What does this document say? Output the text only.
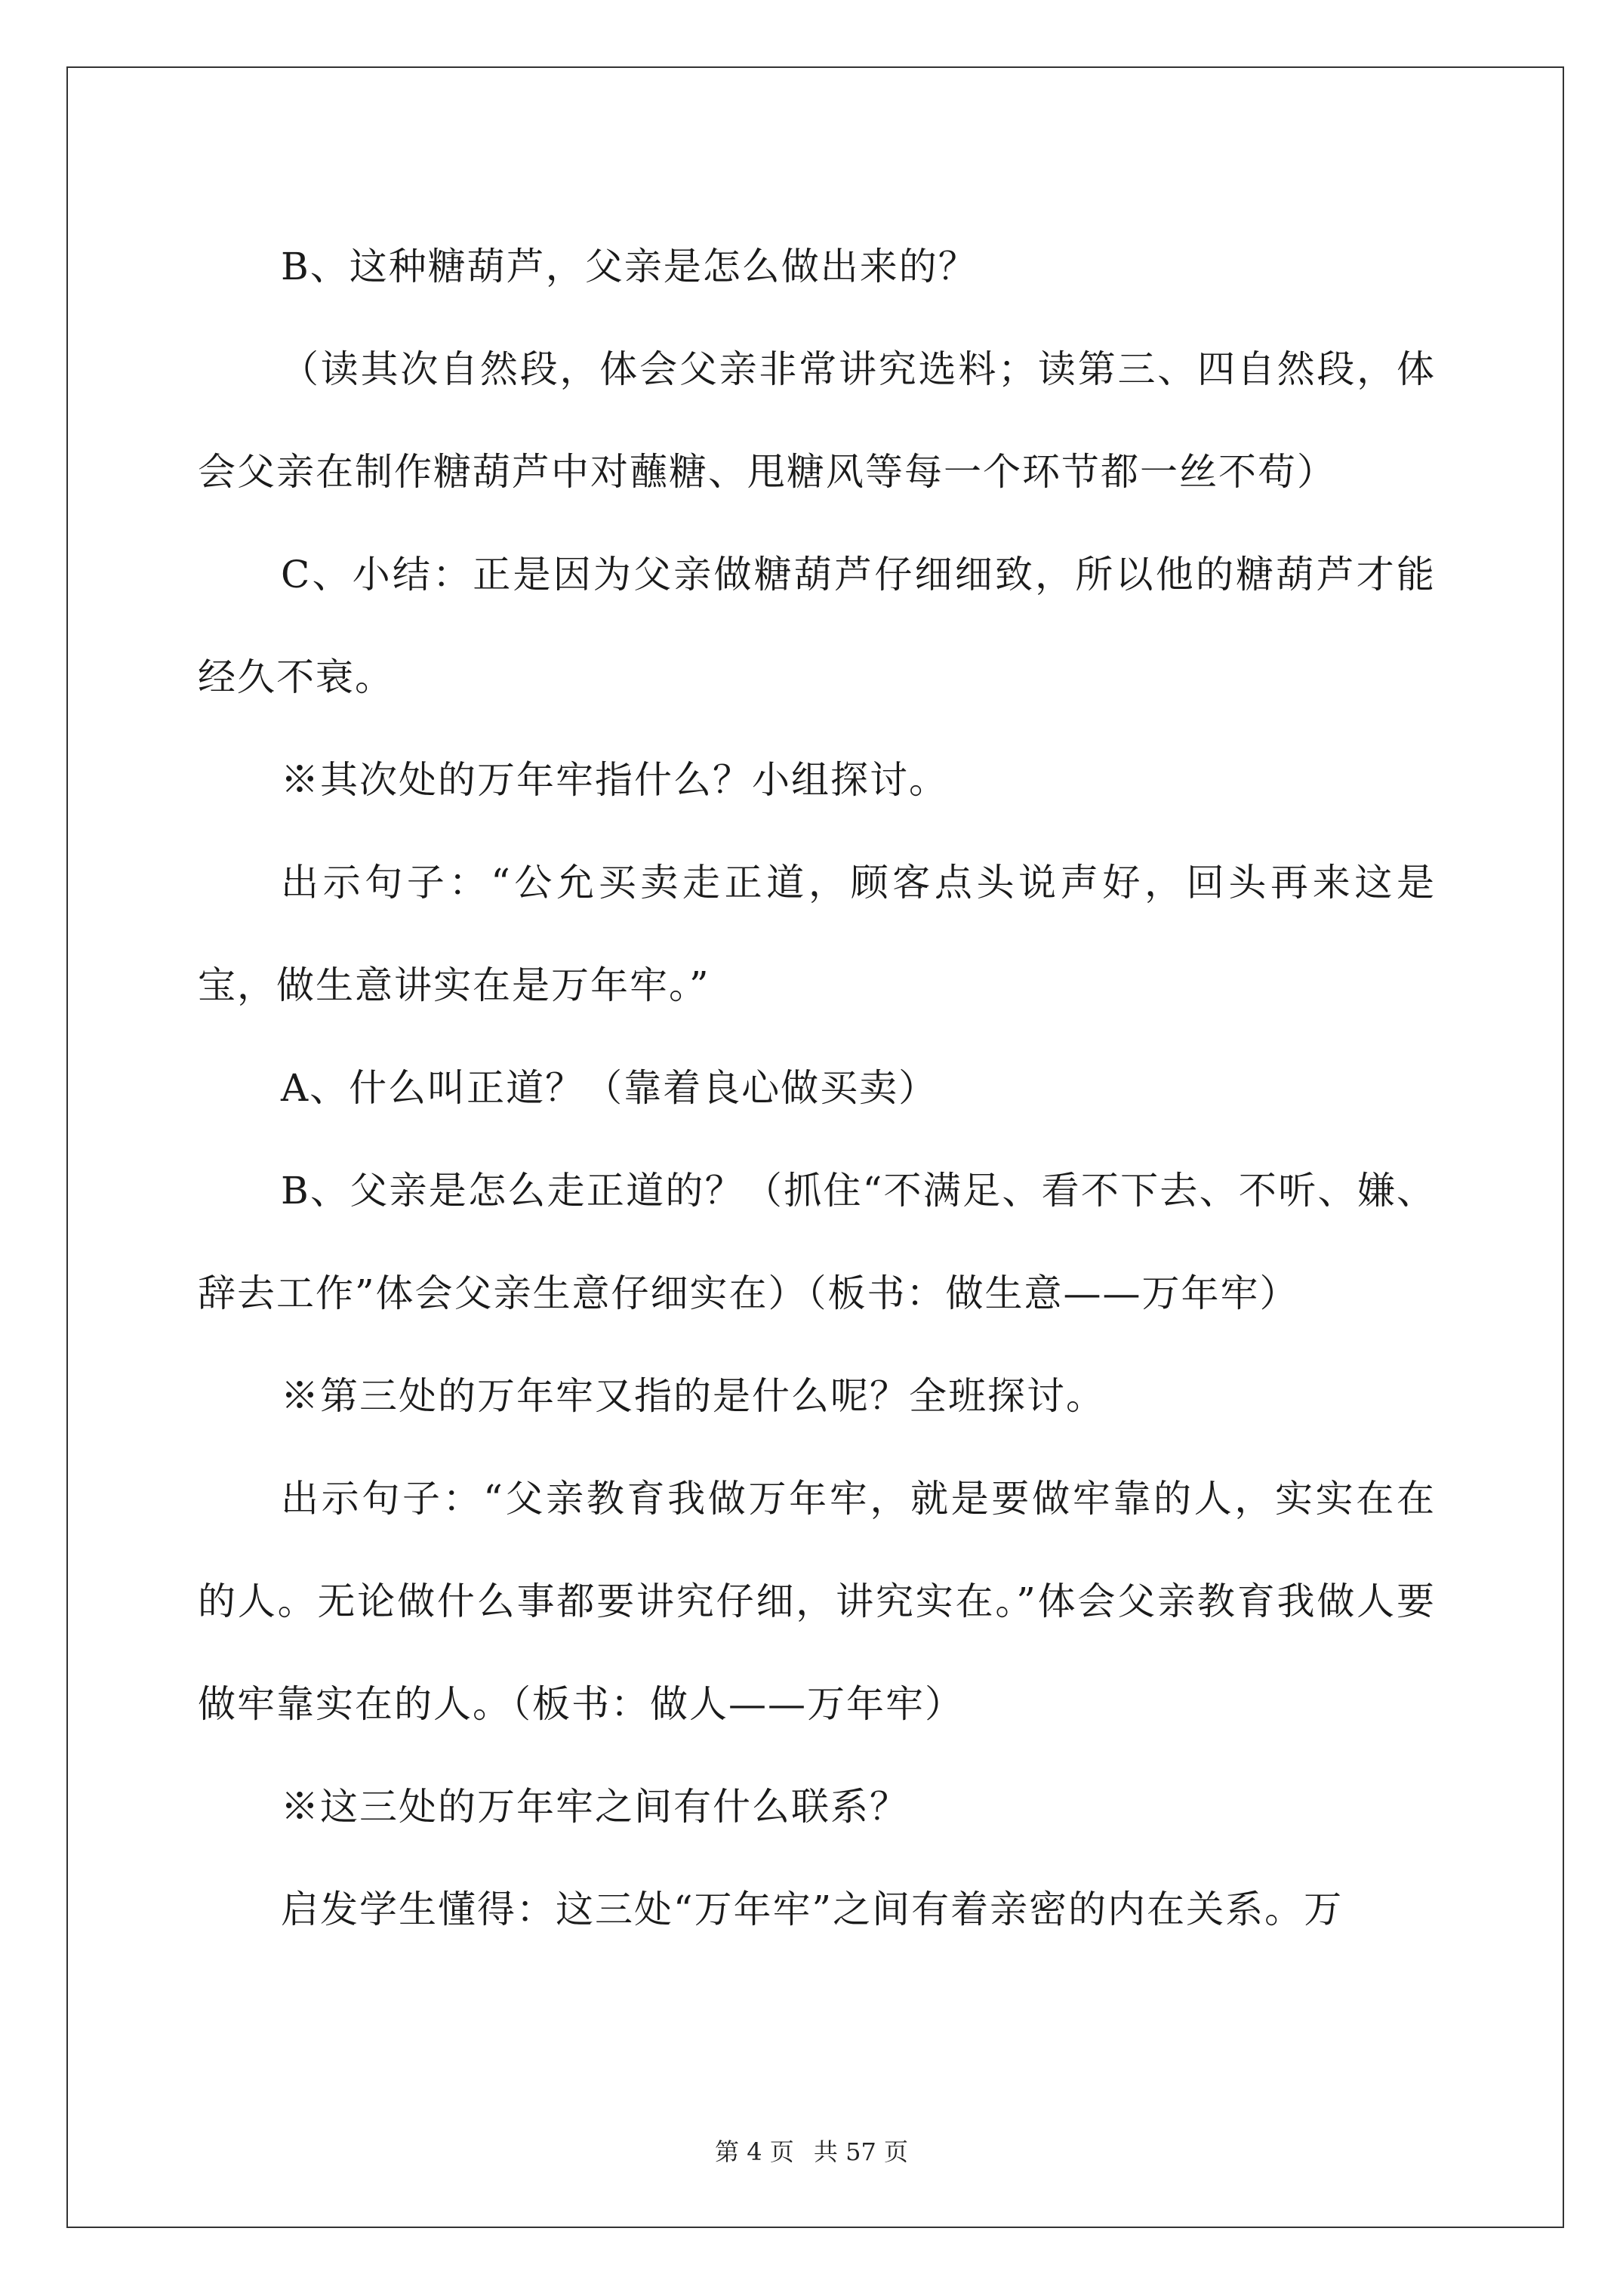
B、这种糖葫芦，父亲是怎么做出来的？

（读其次自然段，体会父亲非常讲究选料；读第三、四自然段，体会父亲在制作糖葫芦中对蘸糖、甩糖风等每一个环节都一丝不苟）

C、小结：正是因为父亲做糖葫芦仔细细致，所以他的糖葫芦才能经久不衰。

※其次处的万年牢指什么？小组探讨。

出示句子：“公允买卖走正道，顾客点头说声好，回头再来这是宝，做生意讲实在是万年牢。”

A、什么叫正道？（靠着良心做买卖）

B、父亲是怎么走正道的？（抓住“不满足、看不下去、不听、嫌、辞去工作”体会父亲生意仔细实在）（板书：做生意——万年牢）

※第三处的万年牢又指的是什么呢？全班探讨。

出示句子：“父亲教育我做万年牢，就是要做牢靠的人，实实在在的人。无论做什么事都要讲究仔细，讲究实在。”体会父亲教育我做人要做牢靠实在的人。（板书：做人——万年牢）

※这三处的万年牢之间有什么联系？

启发学生懂得：这三处“万年牢”之间有着亲密的内在关系。万

第 4 页 共 57 页
